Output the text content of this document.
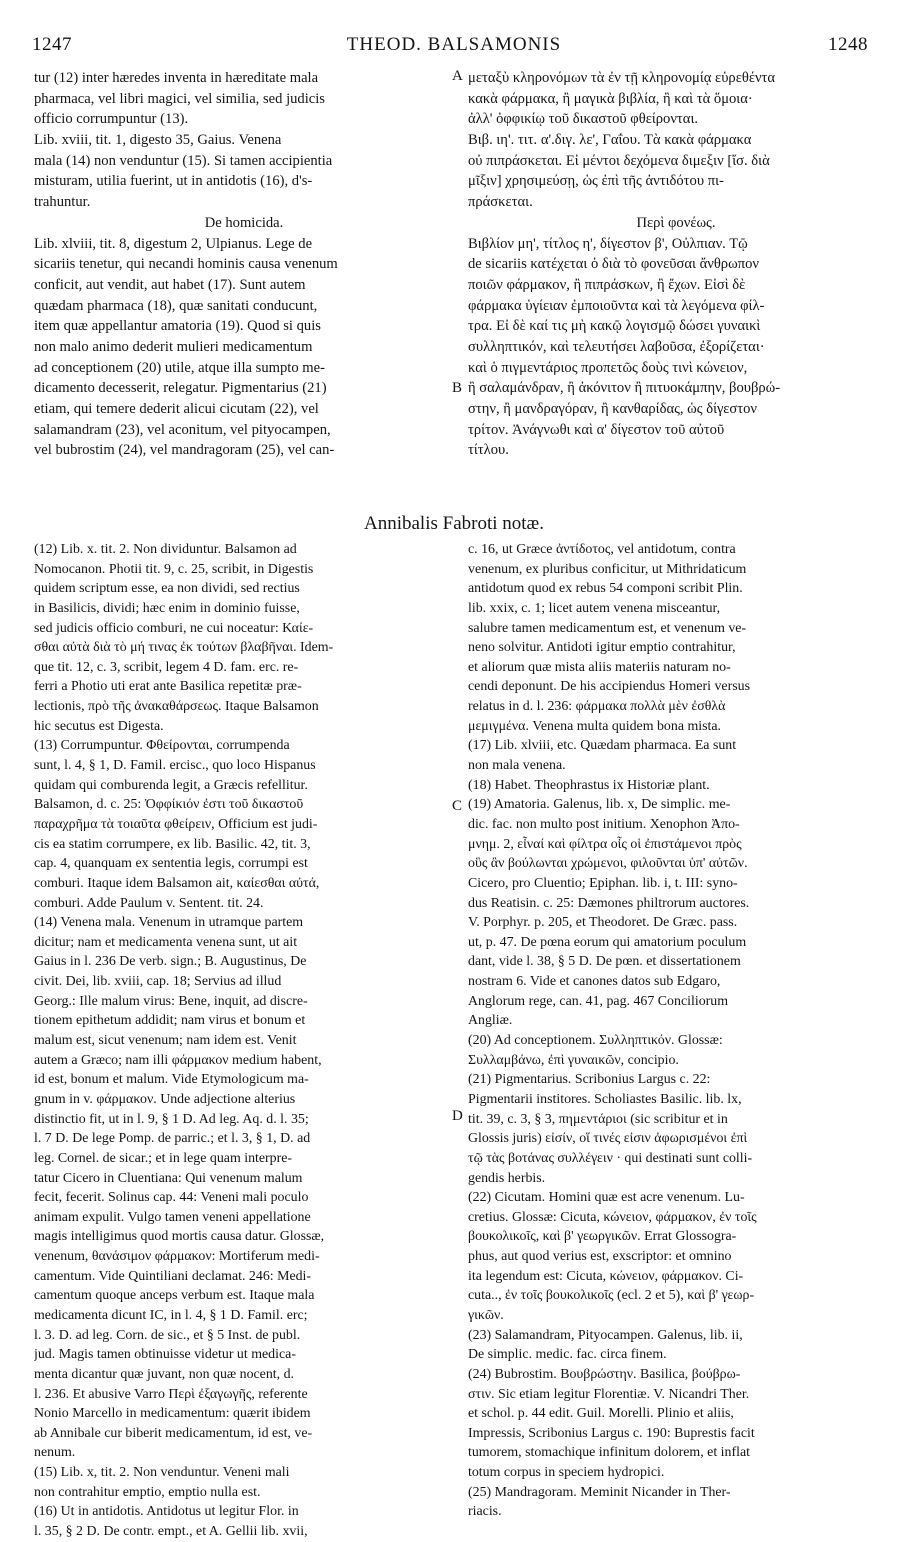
1247	THEOD. BALSAMONIS	1248
tur (12) inter hæredes inventa in hæreditate mala
pharmaca, vel libri magici, vel similia, sed judicis
officio corrumpuntur (13).
Lib. xviii, tit. 1, digesto 35, Gaius. Venena
mala (14) non venduntur (15). Si tamen accipientia
misturam, utilia fuerint, ut in antidotis (16), d's-
trahuntur.
De homicida.
Lib. xlviii, tit. 8, digestum 2, Ulpianus. Lege de
sicariis tenetur, qui necandi hominis causa venenum
conficit, aut vendit, aut habet (17). Sunt autem
quædam pharmaca (18), quæ sanitati conducunt,
item quæ appellantur amatoria (19). Quod si quis
non malo animo dederit mulieri medicamentum
ad conceptionem (20) utile, atque illa sumpto me-
dicamento decesserit, relegatur. Pigmentarius (21)
etiam, qui temere dederit alicui cicutam (22), vel
salamandram (23), vel aconitum, vel pityocampen,
vel bubrostim (24), vel mandragoram (25), vel can-
μεταξὺ κληρονόμων τὰ ἐν τῇ κληρονομίᾳ εὑρεθέντα
κακὰ φάρμακα, ἢ μαγικὰ βιβλία, ἢ καὶ τὰ ὅμοια·
ἀλλ' ὀφφικίῳ τοῦ δικαστοῦ φθείρονται.
Βιβ. ιη'. τιτ. α'.διγ. λε', Γαΐου. Τὰ κακὰ φάρμακα
οὐ πιπράσκεται. Εἰ μέντοι δεχόμενα διμεξιν [ἴσ. διὰ
μῖξιν] χρησιμεύσῃ, ὡς ἐπὶ τῆς ἀντιδότου πι-
πράσκεται.
Περὶ φονέως.
Βιβλίον μη', τίτλος η', δίγεστον β', Οὐλπιαν. Τῷ
de sicariis κατέχεται ὁ διὰ τὸ φονεῦσαι ἄνθρωπον
ποιῶν φάρμακον, ἢ πιπράσκων, ἢ ἔχων. Εἰσὶ δὲ
φάρμακα ὑγίειαν ἐμποιοῦντα καὶ τὰ λεγόμενα φίλ-
τρα. Εἰ δὲ καί τις μὴ κακῷ λογισμῷ δώσει γυναικὶ
συλληπτικόν, καὶ τελευτήσει λαβοῦσα, ἐξορίζεται·
καὶ ὁ πιγμεντάριος προπετῶς δοὺς τινὶ κώνειον,
ἢ σαλαμάνδραν, ἢ ἀκόνιτον ἢ πιτυοκάμπην, βουβρώ-
στην, ἢ μανδραγόραν, ἢ κανθαρίδας, ὡς δίγεστον
τρίτον. Ἀνάγνωθι καὶ α' δίγεστον τοῦ αὐτοῦ
τίτλου.
A
B
Annibalis Fabroti notæ.
(12) Lib. x. tit. 2. Non dividuntur. Balsamon ad
Nomocanon. Photii tit. 9, c. 25, scribit, in Digestis
quidem scriptum esse, ea non dividi, sed rectius
in Basilicis, dividi; hæc enim in dominio fuisse,
sed judicis officio comburi, ne cui noceatur: Καίε-
σθαι αὐτὰ διὰ τὸ μή τινας ἐκ τούτων βλαβῆναι. Idem-
que tit. 12, c. 3, scribit, legem 4 D. fam. erc. re-
ferri a Photio uti erat ante Basilica repetitæ præ-
lectionis, πρὸ τῆς ἀνακαθάρσεως. Itaque Balsamon
hic secutus est Digesta.
(13) Corrumpuntur. Φθείρονται, corrumpenda
sunt, l. 4, § 1, D. Famil. ercisc., quo loco Hispanus
quidam qui comburenda legit, a Græcis refellitur.
Balsamon, d. c. 25: Ὀφφίκιόν ἐστι τοῦ δικαστοῦ
παραχρῆμα τὰ τοιαῦτα φθείρειν, Officium est judi-
cis ea statim corrumpere, ex lib. Basilic. 42, tit. 3,
cap. 4, quanquam ex sententia legis, corrumpi est
comburi. Itaque idem Balsamon ait, καίεσθαι αὐτά,
comburi. Adde Paulum v. Sentent. tit. 24.
(14) Venena mala. Venenum in utramque partem
dicitur; nam et medicamenta venena sunt, ut ait
Gaius in l. 236 De verb. sign.; B. Augustinus, De
civit. Dei, lib. xviii, cap. 18; Servius ad illud
Georg.: Ille malum virus: Bene, inquit, ad discre-
tionem epithetum addidit; nam virus et bonum et
malum est, sicut venenum; nam idem est. Venit
autem a Græco; nam illi φάρμακον medium habent,
id est, bonum et malum. Vide Etymologicum ma-
gnum in v. φάρμακον. Unde adjectione alterius
distinctio fit, ut in l. 9, § 1 D. Ad leg. Aq. d. l. 35;
l. 7 D. De lege Pomp. de parric.; et l. 3, § 1, D. ad
leg. Cornel. de sicar.; et in lege quam interpre-
tatur Cicero in Cluentiana: Qui venenum malum
fecit, fecerit. Solinus cap. 44: Veneni mali poculo
animam expulit. Vulgo tamen veneni appellatione
magis intelligimus quod mortis causa datur. Glossæ,
venenum, θανάσιμον φάρμακον: Mortiferum medi-
camentum. Vide Quintiliani declamat. 246: Medi-
camentum quoque anceps verbum est. Itaque mala
medicamenta dicunt IC, in l. 4, § 1 D. Famil. erc;
l. 3. D. ad leg. Corn. de sic., et § 5 Inst. de publ.
jud. Magis tamen obtinuisse videtur ut medica-
menta dicantur quæ juvant, non quæ nocent, d.
l. 236. Et abusive Varro Περὶ ἐξαγωγῆς, referente
Nonio Marcello in medicamentum: quærit ibidem
ab Annibale cur biberit medicamentum, id est, ve-
nenum.
(15) Lib. x, tit. 2. Non venduntur. Veneni mali
non contrahitur emptio, emptio nulla est.
(16) Ut in antidotis. Antidotus ut legitur Flor. in
l. 35, § 2 D. De contr. empt., et A. Gellii lib. xvii,
c. 16, ut Græce ἀντίδοτος, vel antidotum, contra
venenum, ex pluribus conficitur, ut Mithridaticum
antidotum quod ex rebus 54 componi scribit Plin.
lib. xxix, c. 1; licet autem venena misceantur,
salubre tamen medicamentum est, et venenum ve-
neno solvitur. Antidoti igitur emptio contrahitur,
et aliorum quæ mista aliis materiis naturam no-
cendi deponunt. De his accipiendus Homeri versus
relatus in d. l. 236: φάρμακα πολλὰ μὲν ἐσθλὰ
μεμιγμένα. Venena multa quidem bona mista.
(17) Lib. xlviii, etc. Quædam pharmaca. Ea sunt
non mala venena.
(18) Habet. Theophrastus ix Historiæ plant.
(19) Amatoria. Galenus, lib. x, De simplic. me-
dic. fac. non multo post initium. Xenophon Ἀπο-
μνημ. 2, εἶναί καὶ φίλτρα οἷς οἱ ἐπιστάμενοι πρὸς
οὓς ἂν βούλωνται χρώμενοι, φιλοῦνται ὑπ' αὐτῶν.
Cicero, pro Cluentio; Epiphan. lib. i, t. III: syno-
dus Reatisin. c. 25: Dæmones philtrorum auctores.
V. Porphyr. p. 205, et Theodoret. De Græc. pass.
ut, p. 47. De pœna eorum qui amatorium poculum
dant, vide l. 38, § 5 D. De pœn. et dissertationem
nostram 6. Vide et canones datos sub Edgaro,
Anglorum rege, can. 41, pag. 467 Conciliorum
Angliæ.
(20) Ad conceptionem. Συλληπτικόν. Glossæ:
Συλλαμβάνω, ἐπὶ γυναικῶν, concipio.
(21) Pigmentarius. Scribonius Largus c. 22:
Pigmentarii institores. Scholiastes Basilic. lib. lx,
tit. 39, c. 3, § 3, πημεντάριοι (sic scribitur et in
Glossis juris) εἰσίν, οἵ τινές εἰσιν ἀφωρισμένοι ἐπὶ
τῷ τὰς βοτάνας συλλέγειν · qui destinati sunt colli-
gendis herbis.
(22) Cicutam. Homini quæ est acre venenum. Lu-
cretius. Glossæ: Cicuta, κώνειον, φάρμακον, ἐν τοῖς
βουκολικοῖς, καὶ β' γεωργικῶν. Errat Glossogra-
phus, aut quod verius est, exscriptor: et omnino
ita legendum est: Cicuta, κώνειον, φάρμακον. Ci-
cuta.., ἐν τοῖς βουκολικοῖς (ecl. 2 et 5), καὶ β' γεωρ-
γικῶν.
(23) Salamandram, Pityocampen. Galenus, lib. ii,
De simplic. medic. fac. circa finem.
(24) Bubrostim. Βουβρώστην. Basilica, βούβρω-
στιν. Sic etiam legitur Florentiæ. V. Nicandri Ther.
et schol. p. 44 edit. Guil. Morelli. Plinio et aliis,
Impressis, Scribonius Largus c. 190: Buprestis facit
tumorem, stomachique infinitum dolorem, et inflat
totum corpus in speciem hydropici.
(25) Mandragoram. Meminit Nicander in Ther-
riacis.
C
D
